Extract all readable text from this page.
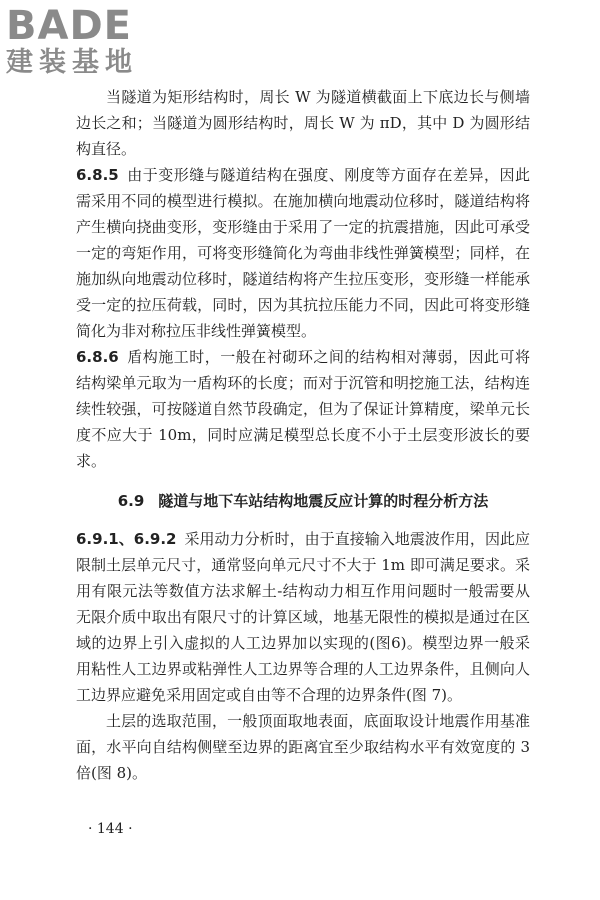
BADE
建装基地

当隧道为矩形结构时，周长 W 为隧道横截面上下底边长与侧墙边长之和；当隧道为圆形结构时，周长 W 为 πD，其中 D 为圆形结构直径。

6.8.5 由于变形缝与隧道结构在强度、刚度等方面存在差异，因此需采用不同的模型进行模拟。在施加横向地震动位移时，隧道结构将产生横向挠曲变形，变形缝由于采用了一定的抗震措施，因此可承受一定的弯矩作用，可将变形缝简化为弯曲非线性弹簧模型；同样，在施加纵向地震动位移时，隧道结构将产生拉压变形，变形缝一样能承受一定的拉压荷载，同时，因为其抗拉压能力不同，因此可将变形缝简化为非对称拉压非线性弹簧模型。

6.8.6 盾构施工时，一般在衬砌环之间的结构相对薄弱，因此可将结构梁单元取为一盾构环的长度；而对于沉管和明挖施工法，结构连续性较强，可按隧道自然节段确定，但为了保证计算精度，梁单元长度不应大于 10m，同时应满足模型总长度不小于土层变形波长的要求。

6.9 隧道与地下车站结构地震反应计算的时程分析方法

6.9.1、6.9.2 采用动力分析时，由于直接输入地震波作用，因此应限制土层单元尺寸，通常竖向单元尺寸不大于 1m 即可满足要求。采用有限元法等数值方法求解土-结构动力相互作用问题时一般需要从无限介质中取出有限尺寸的计算区域，地基无限性的模拟是通过在区域的边界上引入虚拟的人工边界加以实现的(图6)。模型边界一般采用粘性人工边界或粘弹性人工边界等合理的人工边界条件，且侧向人工边界应避免采用固定或自由等不合理的边界条件(图 7)。

土层的选取范围，一般顶面取地表面，底面取设计地震作用基准面，水平向自结构侧壁至边界的距离宜至少取结构水平有效宽度的 3 倍(图 8)。

· 144 ·
